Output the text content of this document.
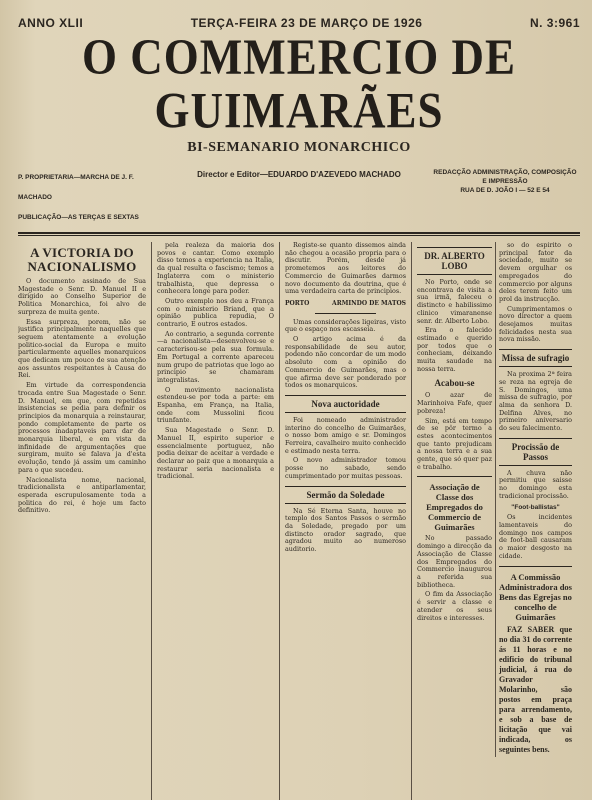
ANNO XLII	TERÇA-FEIRA 23 DE MARÇO DE 1926	N. 3:961
O COMMERCIO DE GUIMARÃES
BI-SEMANARIO MONARCHICO
P. PROPRIETARIA—MARCHA DE J. F. MACHADO
PUBLICAÇÃO—AS TERÇAS E SEXTAS
Director e Editor—EDUARDO D'AZEVEDO MACHADO	REDACÇÃO ADMINISTRAÇÃO, COMPOSIÇÃO
E IMPRESSÃO
RUA DE D. JOÃO I — 52 E 54
A VICTORIA DO NACIONALISMO

O documento assinado de Sua Magestade o Senr. D. Manuel II e dirigido ao Conselho Superior de Politica Monarchica, foi alvo de surpreza de muita gente.

Essa surpreza, porem, não se justifica principalmente naquelles que seguem atentamente a evolução politico-social da Europa e muito particularmente aquelles monarquicos que dedicam um pouco de sua atenção aos assuntos respeitantes à Causa do Rei.

Em virtude da correspondencia trocada entre Sua Magestade o Senr. D. Manuel, em que, com repetidas insistencias se pedia para definir os principios da monarquia a reinstaurar, pondo completamente de parte os processos inadaptaveis para dar de monarquia liberal, e em vista da infinidade de argumentações que surgiram, muito se falava ja d'esta evolução, tendo já assim um caminho para o que sucedeu.

Nacionalista nome, nacional, tradicionalista e antiparlamentar, esperada escrupulosamente toda a politica do rei, é hoje um facto definitivo.

pela realeza da maioria dos povos e cantar. Como exemplo disso temos a experiencia na Italia, da qual resulta o fascismo; temos a Inglaterra com o ministerio trabalhista, que depressa o conhecera longe para poder.

Outro exemplo nos deu a França com o ministerio Briand, que a opinião publica repudia, O contrario, E outros estados.

Ao contrario, a segunda corrente—a nacionalista—desenvolveu-se e caracterisou-se pela sua formula. Em Portugal a corrente apareceu num grupo de patriotas que logo ao principio se chamaram integralistas.

O movimento nacionalista estendeu-se por toda a parte: em Espanha, em França, na Italia, onde com Mussolini ficou triunfante.

Sua Magestade o Senr. D. Manuel II, espirito superior e essencialmente portuguez, não podia deixar de aceitar a verdade e declarar ao paiz que a monarquia a restaurar seria nacionalista e tradicional.

Registe-se quanto dissemos ainda não chegou a ocasião propria para o discutir. Porém, desde já prometemos aos leitores do Commercio de Guimarães darmos novo documento da doutrina, que é uma verdadeira carta de principios.

PORTO	ARMINDO DE MATOS

Umas considerações ligeiras, visto que o espaço nos escasseia.

O artigo acima é da responsabilidade de seu autor, podendo não concordar de um modo absoluto com a opinião do Commercio de Guimarães, mas o que afirma deve ser ponderado por todos os monarquicos.

Nova auctoridade

Foi nomeado administrador interino do concelho de Guimarães, o nosso bom amigo e sr. Domingos Ferreira, cavalheiro muito conhecido e estimado nesta terra.

O novo administrador tomou posse no sabado, sendo cumprimentado por muitas pessoas.

Sermão da Soledade

Na Sé Eterna Santa, houve no templo dos Santos Passos o sermão da Soledade, pregado por um distincto orador sagrado, que agradou muito ao numeroso auditorio.

DR. ALBERTO LOBO

No Porto, onde se encontrava de visita a sua irmã, faleceu o distincto e habilissimo clinico vimaranense senr. dr. Alberto Lobo.

Era o falecido estimado e querido por todos que o conheciam, deixando muita saudade na nossa terra.

Acabou-se

O azar de Marinhoiva Fafe, quer pobreza!

Sim, está em tempo de se pôr termo a estes acontecimentos que tanto prejudicam a nossa terra e a sua gente, que só quer paz e trabalho.

Associação de Classe dos Empregados do Commercio de Guimarães

No passado domingo a direcção da Associação de Classe dos Empregados do Commercio inaugurou a referida sua bibliotheca.

O fim da Associação é servir a classe e atender os seus direitos e interesses.

so do espirito o principal fator da sociedade, muito se devem orgulhar os empregados do commercio por alguns deles terem feito um prol da instrucção.

Cumprimentamos o novo director a quem desejamos muitas felicidades nesta sua nova missão.

Missa de sufragio

Na proxima 2ª feira se reza na egreja de S. Domingos, uma missa de sufragio, por alma da senhora D. Delfina Alves, no primeiro aniversario do seu falecimento.

Procissão de Passos

A chuva não permitiu que saisse no domingo esta tradicional procissão.

"Foot-ballistas"

Os incidentes lamentaveis do domingo nos campos de foot-ball causaram o maior desgosto na cidade.

A Commissão Administradora dos Bens das Egrejas no concelho de Guimarães

FAZ SABER que no dia 31 do corrente ás 11 horas e no edificio do tribunal judicial, á rua do Gravador Molarinho, são postos em praça para arrendamento, e sob a base de licitação que vai indicada, os seguintes bens.
